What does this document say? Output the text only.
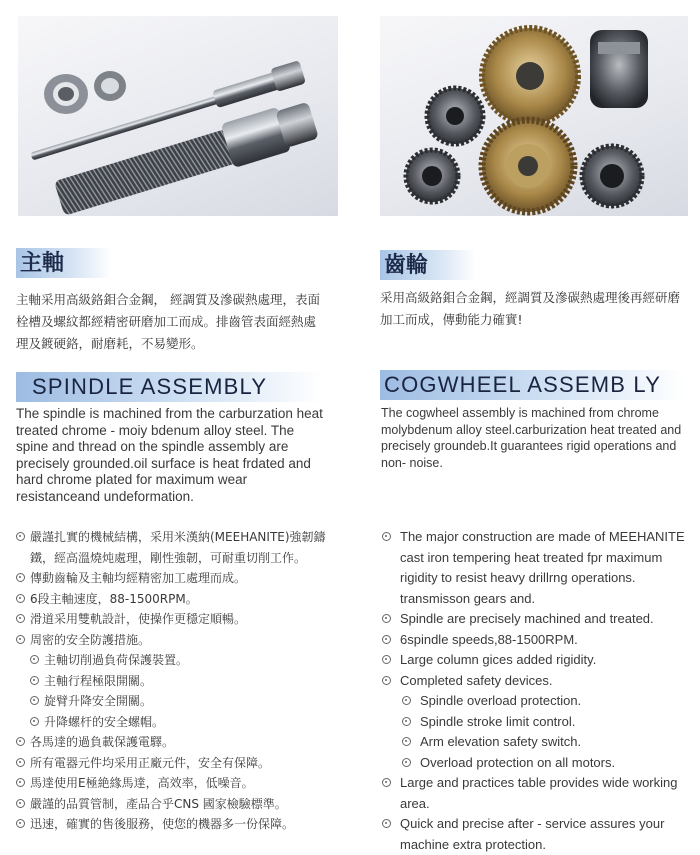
主軸	齒輪
主軸采用高級鉻鉬合金鋼， 經調質及滲碳熱處理，表面栓槽及螺紋都經精密研磨加工而成。排齒管表面經熱處理及鍍硬鉻，耐磨耗，不易變形。
采用高級鉻鉬合金鋼，經調質及滲碳熱處理後再經研磨加工而成，傳動能力確實!
SPINDLE ASSEMBLY	COGWHEEL ASSEMB LY
The spindle is machined from the carburzation heat treated chrome - moiy bdenum alloy steel. The spine and thread on the spindle assembly are precisely grounded.oil surface is heat frdated and hard chrome plated for maximum wear resistanceand undeformation.
The cogwheel assembly is machined from chrome molybdenum alloy steel.carburization heat treated and precisely groundeb.It guarantees rigid operations and non- noise.
嚴謹扎實的機械結構，采用米漢納(MEEHANITE)強韌鑄鐵，經高溫燒炖處理，剛性強韌，可耐重切削工作。
傳動齒輪及主軸均經精密加工處理而成。
6段主軸速度，88-1500RPM。
滑道采用雙軌設計，使操作更穩定順暢。
周密的安全防護措施。
主軸切削過負荷保護裝置。
主軸行程極限開關。
旋臂升降安全開關。
升降螺杆的安全螺帽。
各馬達的過負載保護電驛。
所有電器元件均采用正廠元件，安全有保障。
馬達使用E極絶緣馬達，高效率，低噪音。
嚴謹的品質管制，產品合乎CNS 國家檢驗標準。
迅速，確實的售後服務，使您的機器多一份保障。
The major construction are made of MEEHANITE cast iron tempering heat treated fpr maximum rigidity to resist heavy drillrng operations. transmisson gears and.
Spindle are precisely machined and treated.
6spindle speeds,88-1500RPM.
Large column gices added rigidity.
Completed safety devices.
Spindle overload protection.
Spindle stroke limit control.
Arm elevation safety switch.
Overload protection on all motors.
Large and practices table provides wide working area.
Quick and precise after - service assures your machine extra protection.
